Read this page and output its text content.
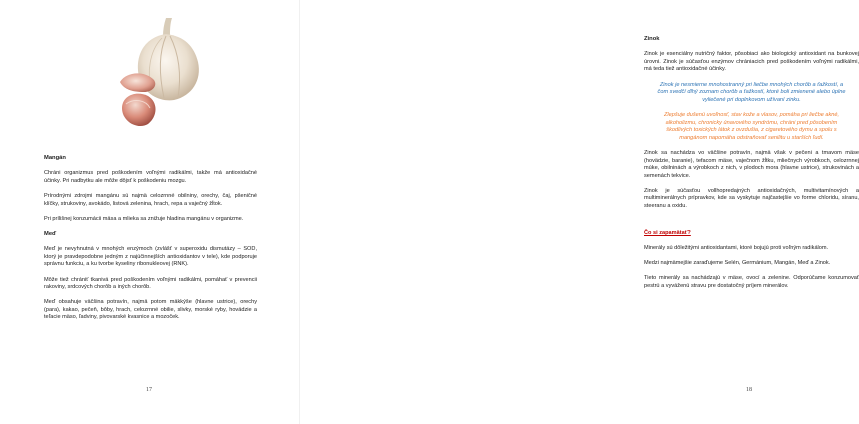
Mangán
Chráni organizmus pred poškodením voľnými radikálmi, takže má antioxidačné účinky. Pri nadbytku ale môže dôjsť k poškodeniu mozgu.
Prírodnými zdrojmi mangánu sú najmä celozrnné obilniny, orechy, čaj, pšeničné klíčky, strukoviny, avokádo, listová zelenina, hrach, repa a vaječný žĺtok.
Pri prílišnej konzumácii mäsa a mlieka sa znižuje hladina mangánu v organizme.
Meď
Meď je nevyhnutná v mnohých enzýmoch (zvlášť v superoxidu dismutázy – SOD, ktorý je pravdepodobne jedným z najúčinnejších antioxidantov v tele), kde podporuje správnu funkciu, a ku tvorbe kyseliny ribonukleovej (RNK).
Môže tiež chrániť tkanivá pred poškodením voľnými radikálmi, pomáhať v prevencii rakoviny, srdcových chorôb a iných chorôb.
Meď obsahuje väčšina potravín, najmä potom mäkkýše (hlavne ustrice), orechy (para), kakao, pečeň, bôby, hrach, celozrnné obilie, slivky, morské ryby, hovädzie a teľacie mäso, ľadviny, pivovarské kvasnice a mozoček.
17
Zinok
Zinok je esenciálny nutričný faktor, pôsobiaci ako biologický antioxidant na bunkovej úrovni. Zinok je súčasťou enzýmov chrániacich pred poškodením voľnými radikálmi, má teda tiež antioxidačné účinky.
Zinok je nesmierne mnohostranný pri liečbe mnohých chorôb a ťažkostí, a čom svedčí dlhý zoznam chorôb a ťažkostí, ktoré boli zmienené alebo úplne vyliečené pri doplnkovom užívaní zinku.
Zlepšuje dušenú uvoľnosť, stav kože a vlasov, pomáha pri liečbe akné, alkoholizmu, chronicky únavového syndrómu, chráni pred pôsobením škodlivých toxických látok z ovzdušia, z cigaretového dymu a spolu s mangánom napomáha odstraňovať senilitu u starších ľudí.
Zinok sa nachádza vo väčšine potravín, najmä však v pečeni a tmavom mäse (hovädzie, baranie), tefacom mäse, vaječnom žĺtku, mliečnych výrobkoch, celozrnnej múke, obilninách a výrobkoch z nich, v plodoch mora (hlavne ustrice), strukovinách a semenách tekvice.
Zinok je súčasťou vollhopredajných antioxidačných, multivitamínových a multiminerálnych prípravkov, kde sa vyskytuje najčastejšie vo forme chloridu, síranu, steeranu a oxidu.
Čo si zapamätať?
Minerály sú dôležitými antioxidantami, ktoré bojujú proti voľným radikálom.
Medzi najmämejšie zaraďujeme Selén, Germánium, Mangán, Meď a Zinok.
Tieto minerály sa nachádzajú v mäse, ovocí a zelenine. Odporúčame konzumovať pestrú a vyváženú stravu pre dostatočný príjem minerálov.
18
